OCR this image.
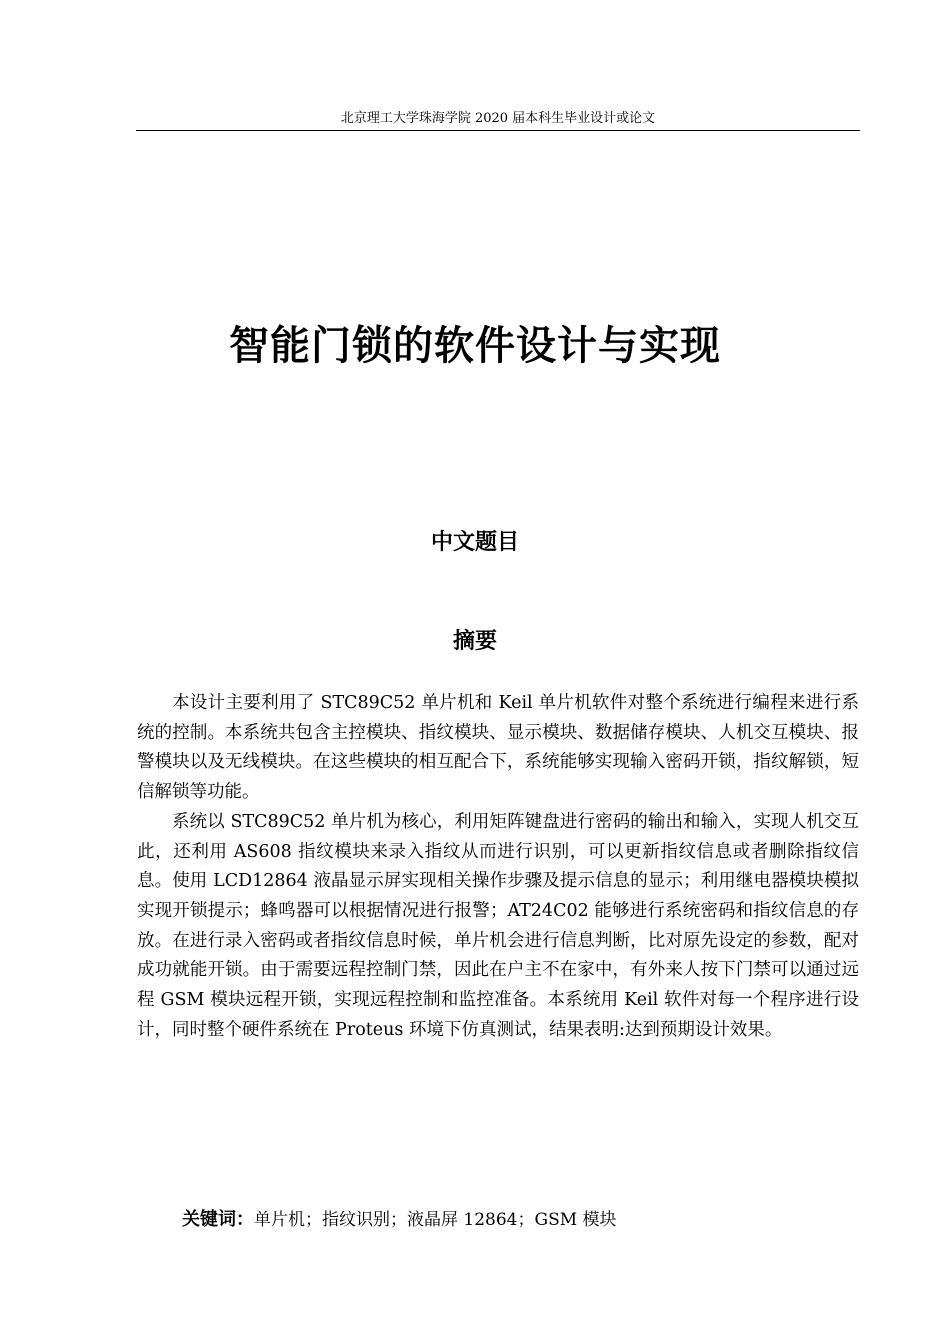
北京理工大学珠海学院 2020 届本科生毕业设计或论文
智能门锁的软件设计与实现
中文题目
摘要

本设计主要利用了 STC89C52 单片机和 Keil 单片机软件对整个系统进行编程来进行系统的控制。本系统共包含主控模块、指纹模块、显示模块、数据储存模块、人机交互模块、报警模块以及无线模块。在这些模块的相互配合下，系统能够实现输入密码开锁，指纹解锁，短信解锁等功能。

系统以 STC89C52 单片机为核心，利用矩阵键盘进行密码的输出和输入，实现人机交互此，还利用 AS608 指纹模块来录入指纹从而进行识别，可以更新指纹信息或者删除指纹信息。使用 LCD12864 液晶显示屏实现相关操作步骤及提示信息的显示；利用继电器模块模拟实现开锁提示；蜂鸣器可以根据情况进行报警；AT24C02 能够进行系统密码和指纹信息的存放。在进行录入密码或者指纹信息时候，单片机会进行信息判断，比对原先设定的参数，配对成功就能开锁。由于需要远程控制门禁，因此在户主不在家中，有外来人按下门禁可以通过远程 GSM 模块远程开锁，实现远程控制和监控准备。本系统用 Keil 软件对每一个程序进行设计，同时整个硬件系统在 Proteus 环境下仿真测试，结果表明:达到预期设计效果。

关键词：单片机；指纹识别；液晶屏 12864；GSM 模块
